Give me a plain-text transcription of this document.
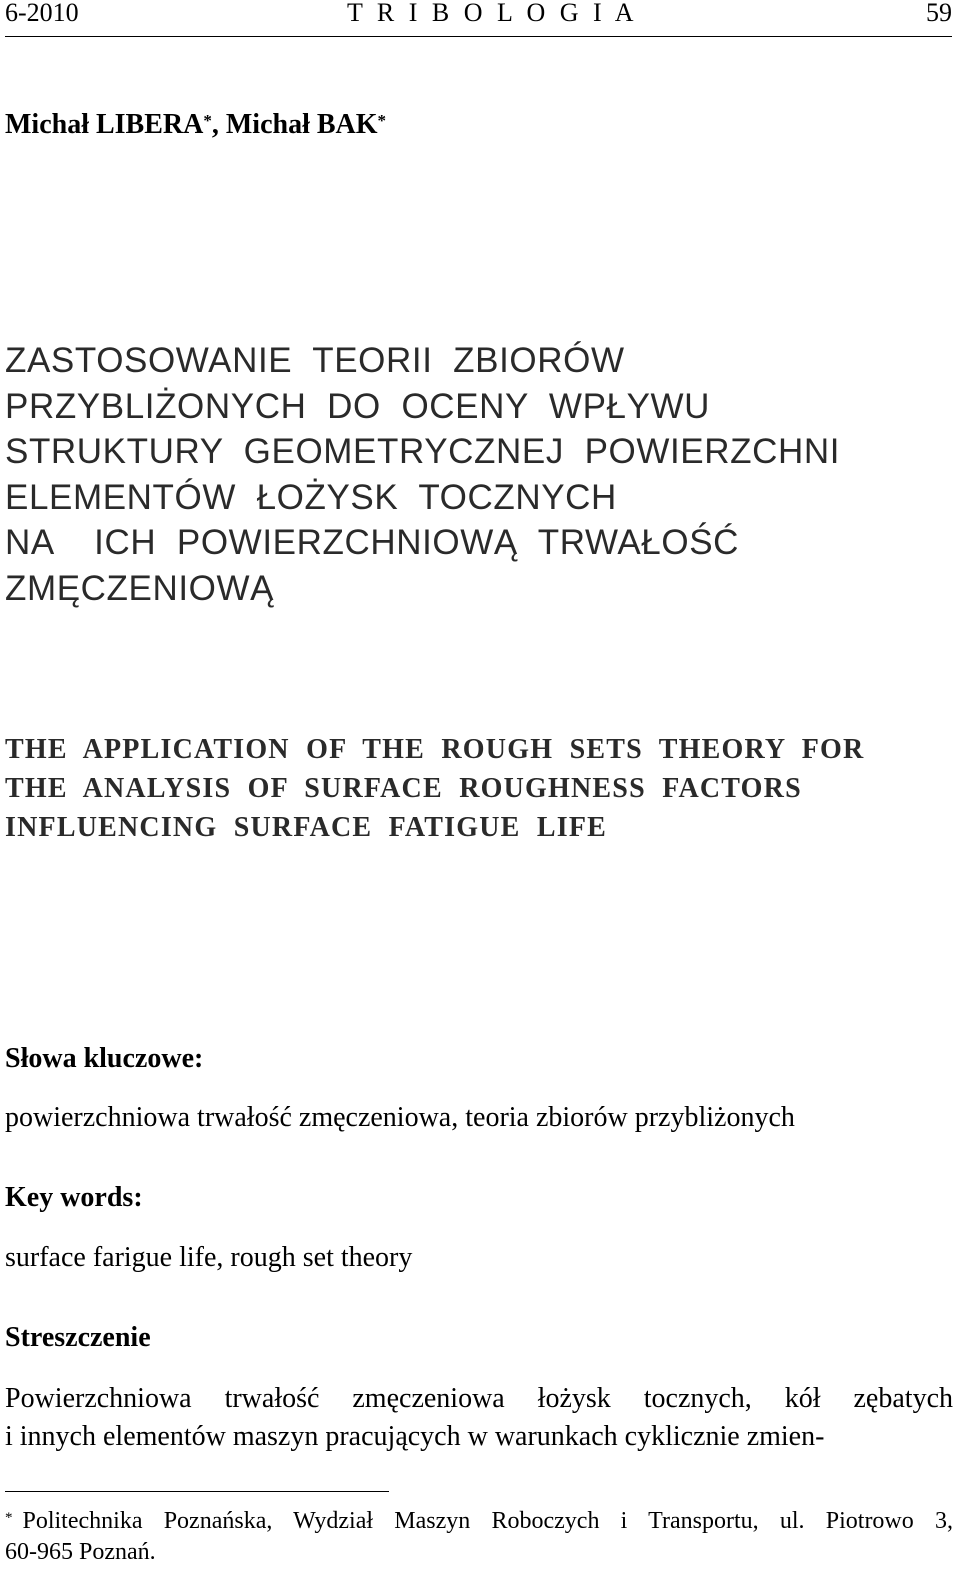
6-2010	T R I B O L O G I A	59
Michał LIBERA*, Michał BAK*
ZASTOSOWANIE  TEORII  ZBIORÓW
PRZYBLIŻONYCH  DO  OCENY  WPŁYWU
STRUKTURY  GEOMETRYCZNEJ  POWIERZCHNI
ELEMENTÓW  ŁOŻYSK  TOCZNYCH
NA    ICH  POWIERZCHNIOWĄ  TRWAŁOŚĆ
ZMĘCZENIOWĄ
THE  APPLICATION  OF  THE  ROUGH  SETS  THEORY  FOR
THE  ANALYSIS  OF  SURFACE  ROUGHNESS  FACTORS
INFLUENCING  SURFACE  FATIGUE  LIFE
Słowa kluczowe:
powierzchniowa trwałość zmęczeniowa, teoria zbiorów przybliżonych
Key words:
surface farigue life, rough set theory
Streszczenie
Powierzchniowa trwałość zmęczeniowa łożysk tocznych, kół zębatych
i innych elementów maszyn pracujących w warunkach cyklicznie zmien-
* Politechnika Poznańska, Wydział Maszyn Roboczych i Transportu, ul. Piotrowo 3,
60-965 Poznań.
